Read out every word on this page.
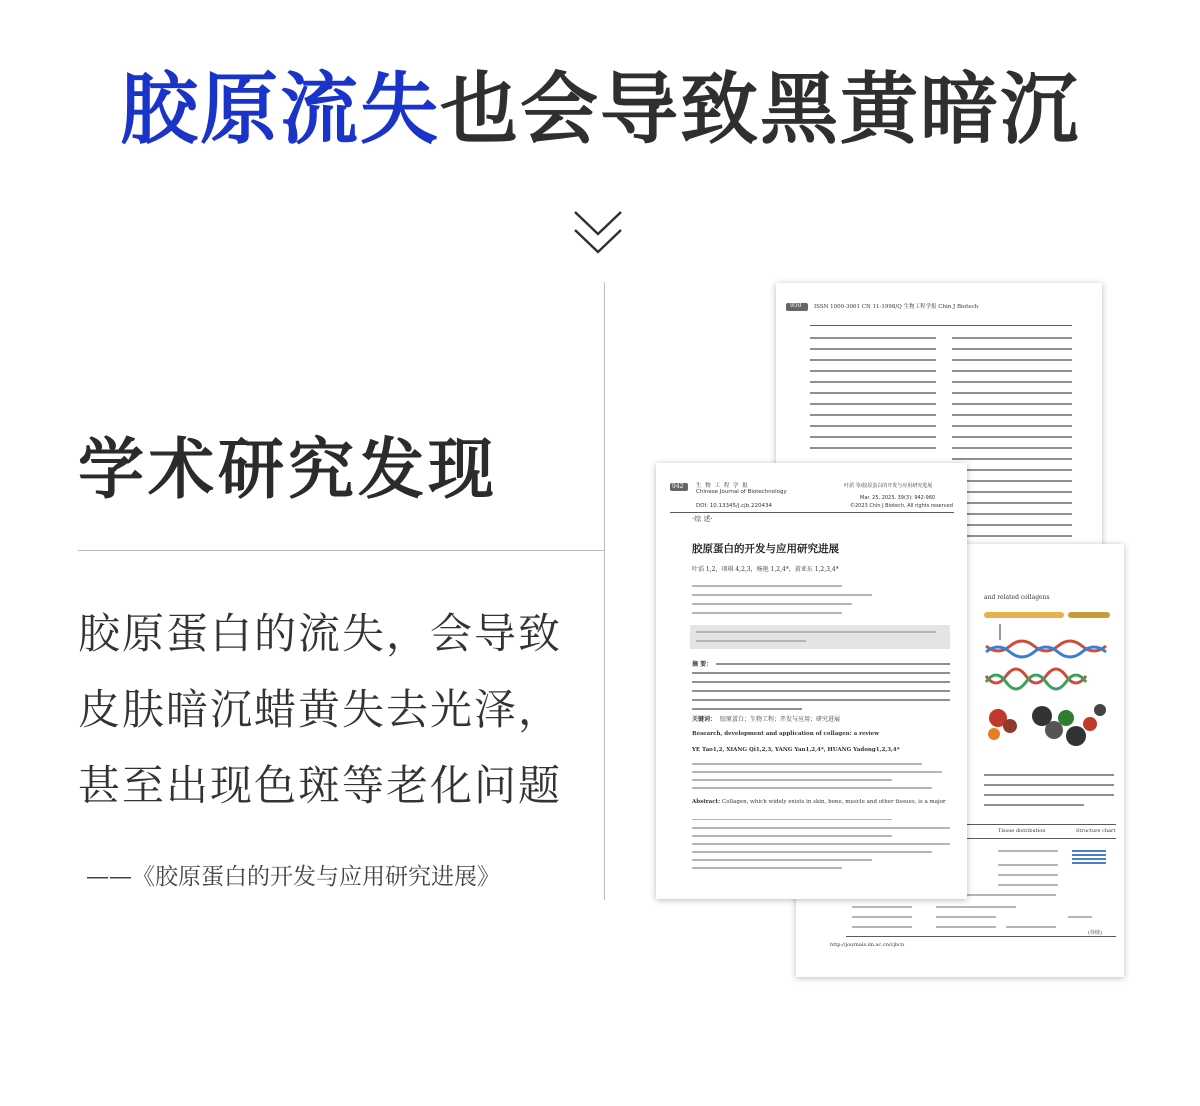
胶原流失也会导致黑黄暗沉
学术研究发现
胶原蛋白的流失，会导致
皮肤暗沉蜡黄失去光泽，
甚至出现色斑等老化问题
——《胶原蛋白的开发与应用研究进展》
950 ISSN 1000-3061 CN 11-1998/Q 生物工程学报 Chin J Biotech
and related collagens
Tissue distribution	Structure chart
(待续)
http://journals.im.ac.cn/cjbcn
942 生 物 工 程 学 报
Chinese Journal of Biotechnology
DOI: 10.13345/j.cjb.220434
叶滔 等/胶原蛋白的开发与应用研究进展
Mar. 25, 2023, 39(3): 942-960
©2023 Chin J Biotech, All rights reserved
·综 述·
胶原蛋白的开发与应用研究进展
叶滔 1,2，项琪 4,2,3，杨艳 1,2,4*，黄亚东 1,2,3,4*
摘 要：
关键词： 胶原蛋白；生物工程；开发与应用；研究进展
Research, development and application of collagen: a review
YE Tao1,2, XIANG Qi1,2,3, YANG Yan1,2,4*, HUANG Yadong1,2,3,4*
Abstract: Collagen, which widely exists in skin, bone, muscle and other tissues, is a major
